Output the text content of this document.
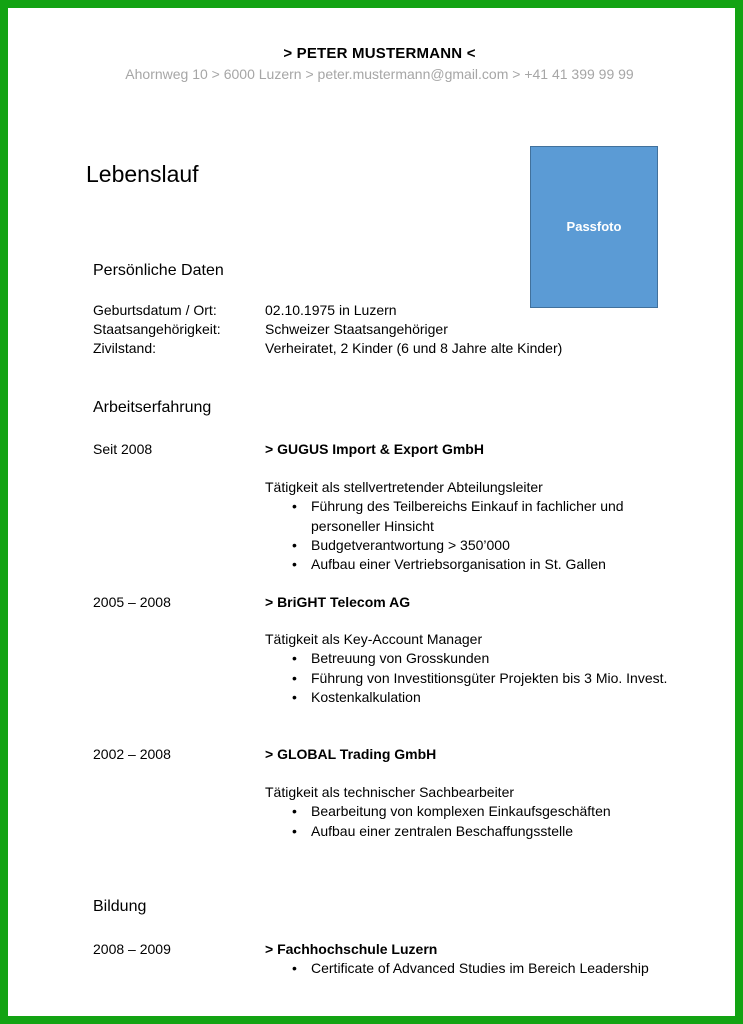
> PETER MUSTERMANN <
Ahornweg 10 > 6000 Luzern > peter.mustermann@gmail.com > +41 41 399 99 99
Lebenslauf
Passfoto
Persönliche Daten
Geburtsdatum / Ort:	02.10.1975 in Luzern
Staatsangehörigkeit:	Schweizer Staatsangehöriger
Zivilstand:	Verheiratet, 2 Kinder (6 und 8 Jahre alte Kinder)
Arbeitserfahrung
Seit 2008	> GUGUS Import & Export GmbH
Tätigkeit als stellvertretender Abteilungsleiter
• Führung des Teilbereichs Einkauf in fachlicher und personeller Hinsicht
• Budgetverantwortung > 350’000
• Aufbau einer Vertriebsorganisation in St. Gallen
2005 – 2008	> BriGHT Telecom AG
Tätigkeit als Key-Account Manager
• Betreuung von Grosskunden
• Führung von Investitionsgüter Projekten bis 3 Mio. Invest.
• Kostenkalkulation
2002 – 2008	> GLOBAL Trading GmbH
Tätigkeit als technischer Sachbearbeiter
• Bearbeitung von komplexen Einkaufsgeschäften
• Aufbau einer zentralen Beschaffungsstelle
Bildung
2008 – 2009	> Fachhochschule Luzern
• Certificate of Advanced Studies im Bereich Leadership
